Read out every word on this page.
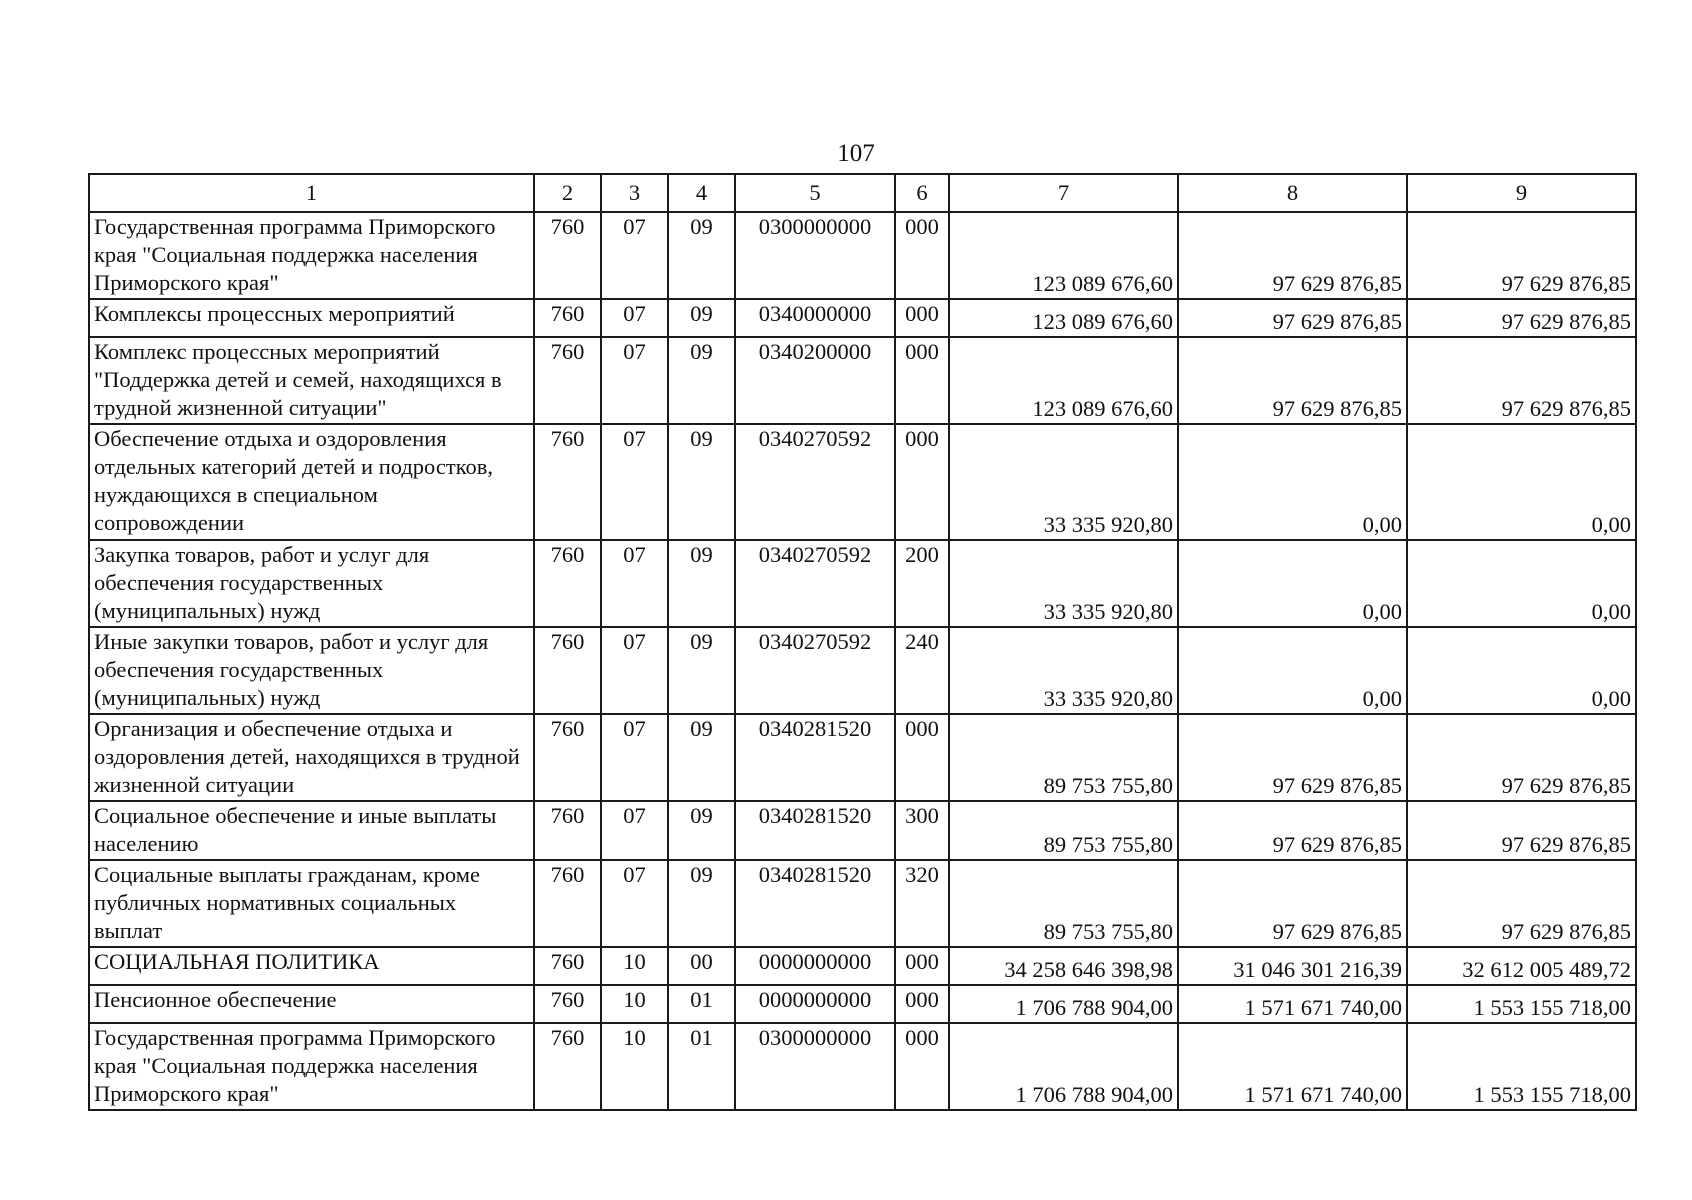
107
1	2	3	4	5	6	7	8	9
Государственная программа Приморского края "Социальная поддержка населения Приморского края"	760	07	09	0300000000	000	123 089 676,60	97 629 876,85	97 629 876,85
Комплексы процессных мероприятий	760	07	09	0340000000	000	123 089 676,60	97 629 876,85	97 629 876,85
Комплекс процессных мероприятий "Поддержка детей и семей, находящихся в трудной жизненной ситуации"	760	07	09	0340200000	000	123 089 676,60	97 629 876,85	97 629 876,85
Обеспечение отдыха и оздоровления отдельных категорий детей и подростков, нуждающихся в специальном сопровождении	760	07	09	0340270592	000	33 335 920,80	0,00	0,00
Закупка товаров, работ и услуг для обеспечения государственных (муниципальных) нужд	760	07	09	0340270592	200	33 335 920,80	0,00	0,00
Иные закупки товаров, работ и услуг для обеспечения государственных (муниципальных) нужд	760	07	09	0340270592	240	33 335 920,80	0,00	0,00
Организация и обеспечение отдыха и оздоровления детей, находящихся в трудной жизненной ситуации	760	07	09	0340281520	000	89 753 755,80	97 629 876,85	97 629 876,85
Социальное обеспечение и иные выплаты населению	760	07	09	0340281520	300	89 753 755,80	97 629 876,85	97 629 876,85
Социальные выплаты гражданам, кроме публичных нормативных социальных выплат	760	07	09	0340281520	320	89 753 755,80	97 629 876,85	97 629 876,85
СОЦИАЛЬНАЯ ПОЛИТИКА	760	10	00	0000000000	000	34 258 646 398,98	31 046 301 216,39	32 612 005 489,72
Пенсионное обеспечение	760	10	01	0000000000	000	1 706 788 904,00	1 571 671 740,00	1 553 155 718,00
Государственная программа Приморского края "Социальная поддержка населения Приморского края"	760	10	01	0300000000	000	1 706 788 904,00	1 571 671 740,00	1 553 155 718,00
